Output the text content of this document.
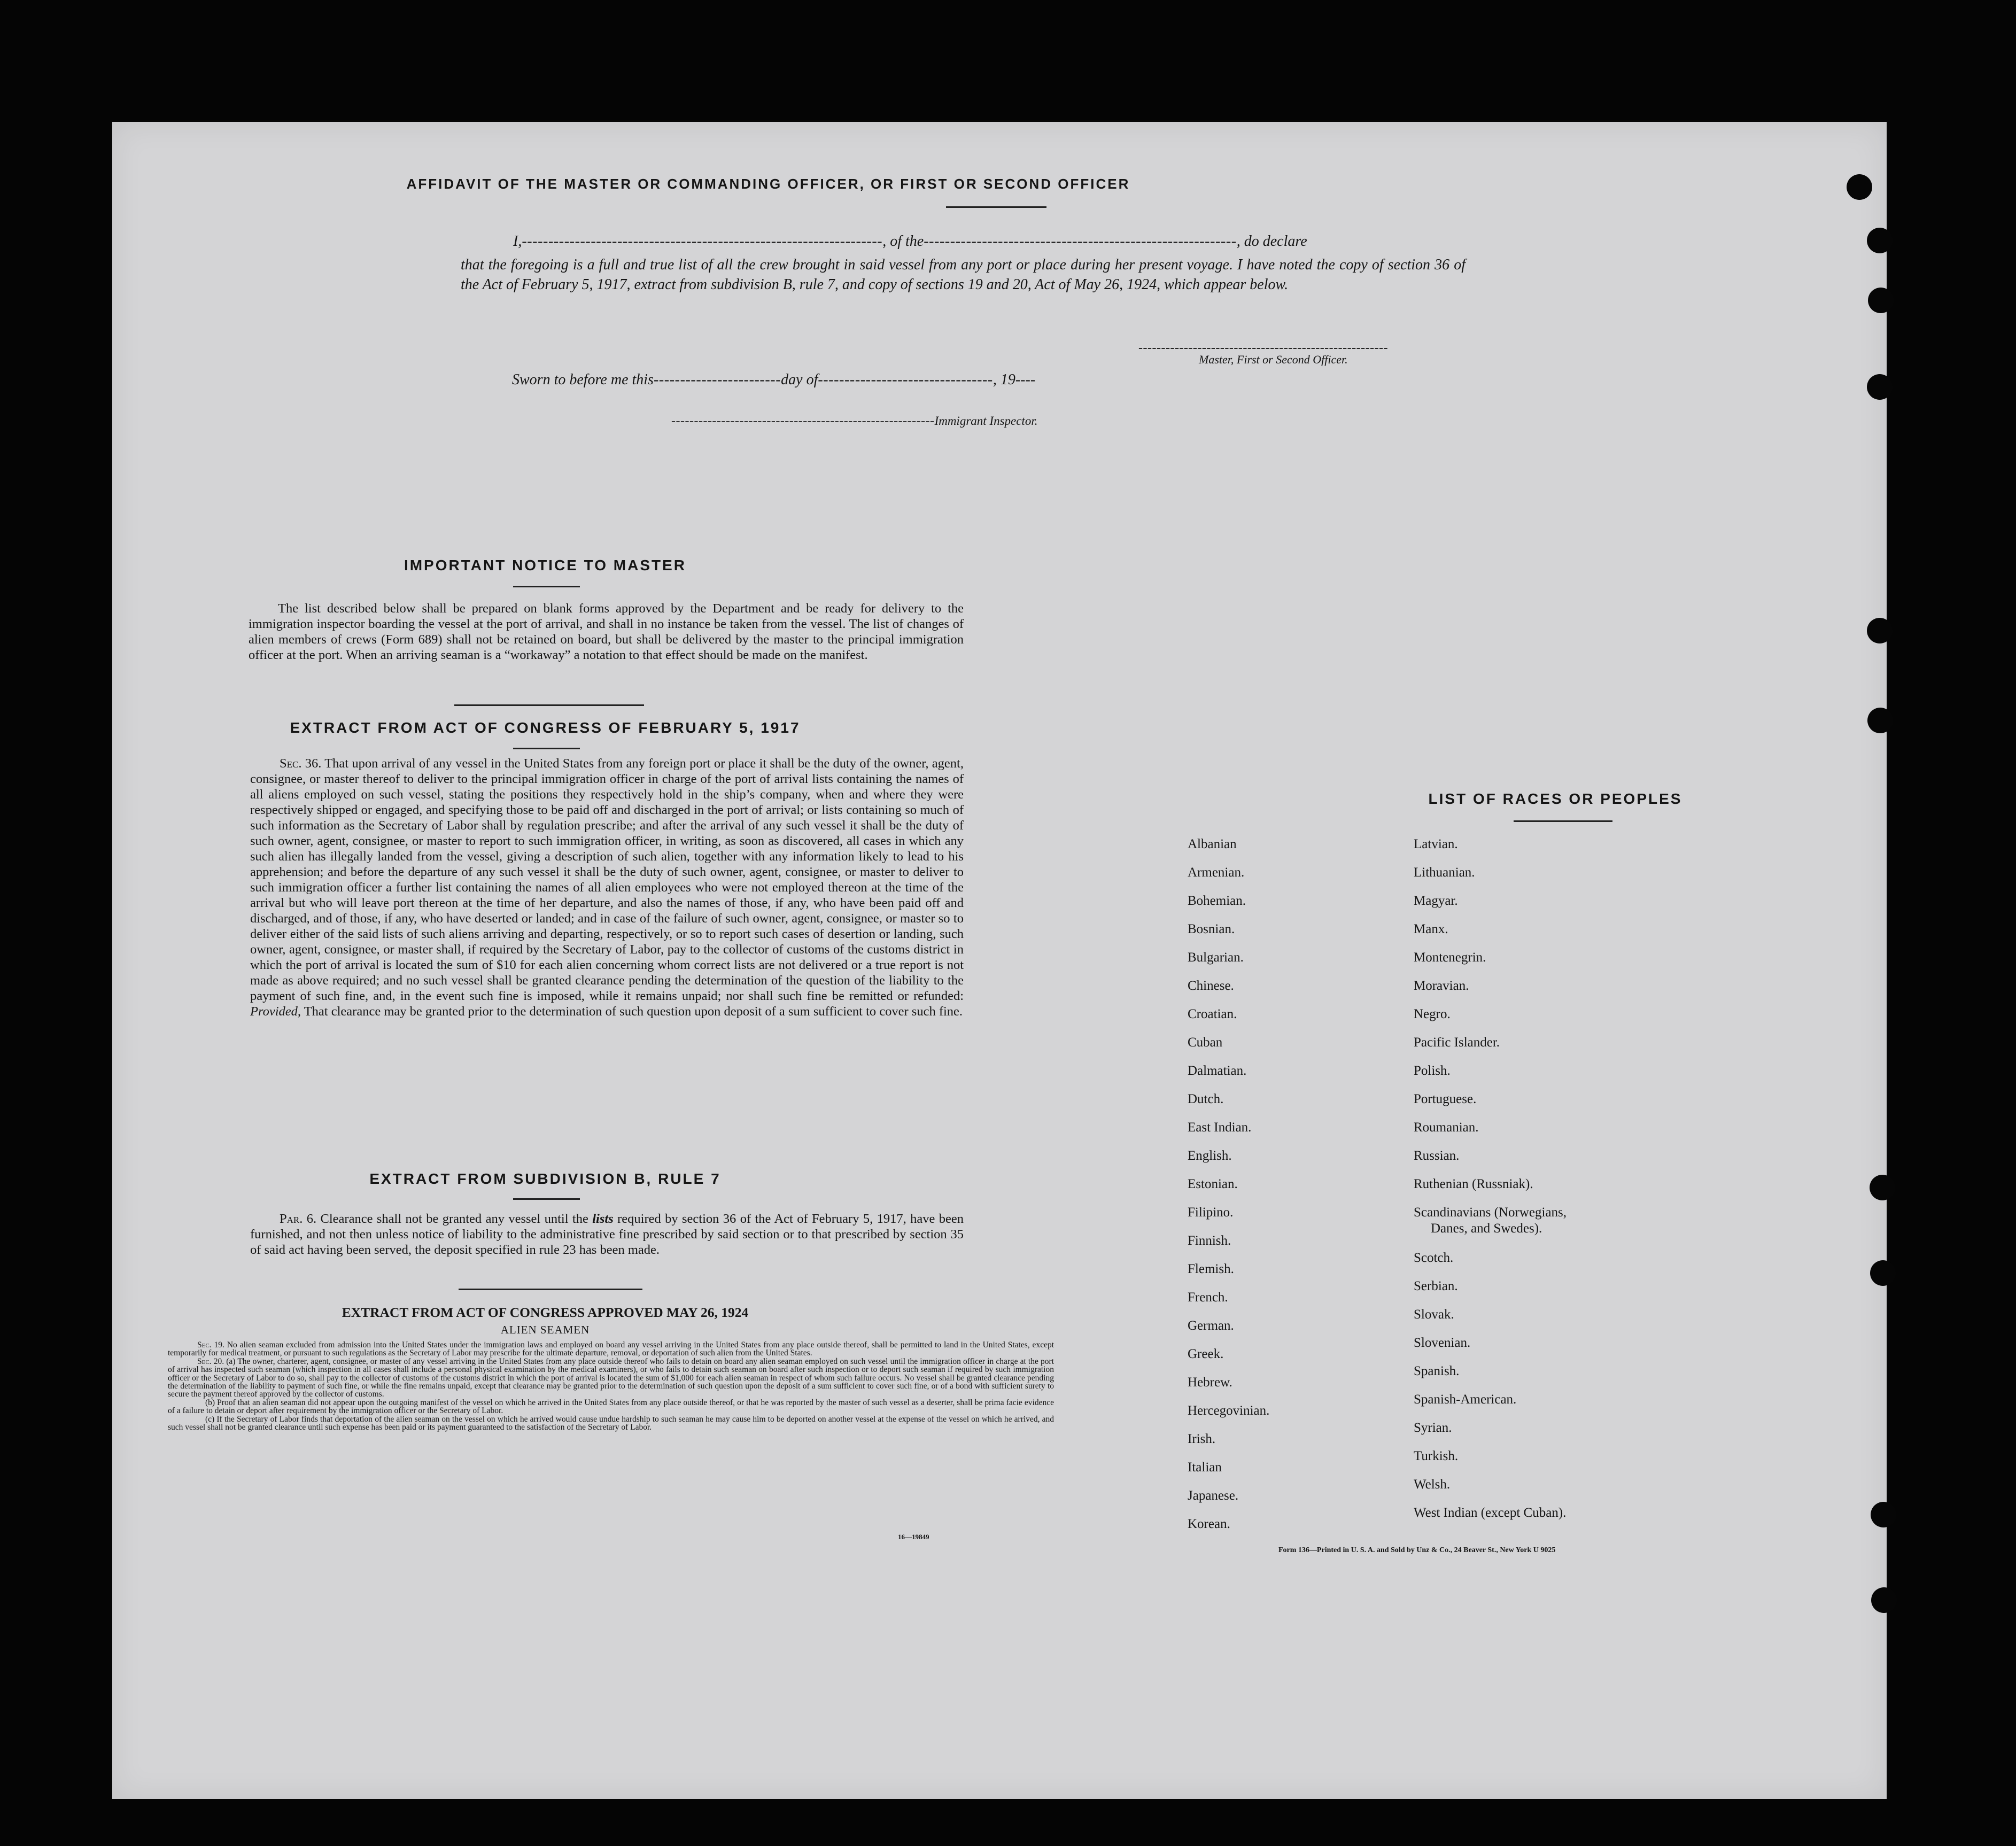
AFFIDAVIT OF THE MASTER OR COMMANDING OFFICER, OR FIRST OR SECOND OFFICER
I,--------------------------------------------------------------------, of the-----------------------------------------------------------, do declare
that the foregoing is a full and true list of all the crew brought in said vessel from any port or place during her present voyage. I have noted the copy of section 36 of the Act of February 5, 1917, extract from subdivision B, rule 7, and copy of sections 19 and 20, Act of May 26, 1924, which appear below.
-------------------------------------------------------
Master, First or Second Officer.
Sworn to before me this------------------------day of---------------------------------, 19----
----------------------------------------------------------Immigrant Inspector.
IMPORTANT NOTICE TO MASTER
The list described below shall be prepared on blank forms approved by the Department and be ready for delivery to the immigration inspector boarding the vessel at the port of arrival, and shall in no instance be taken from the vessel. The list of changes of alien members of crews (Form 689) shall not be retained on board, but shall be delivered by the master to the principal immigration officer at the port. When an arriving seaman is a “workaway” a notation to that effect should be made on the manifest.
EXTRACT FROM ACT OF CONGRESS OF FEBRUARY 5, 1917
Sec. 36. That upon arrival of any vessel in the United States from any foreign port or place it shall be the duty of the owner, agent, consignee, or master thereof to deliver to the principal immigration officer in charge of the port of arrival lists containing the names of all aliens employed on such vessel, stating the positions they respectively hold in the ship’s company, when and where they were respectively shipped or engaged, and specifying those to be paid off and discharged in the port of arrival; or lists containing so much of such information as the Secretary of Labor shall by regulation prescribe; and after the arrival of any such vessel it shall be the duty of such owner, agent, consignee, or master to report to such immigration officer, in writing, as soon as discovered, all cases in which any such alien has illegally landed from the vessel, giving a description of such alien, together with any information likely to lead to his apprehension; and before the departure of any such vessel it shall be the duty of such owner, agent, consignee, or master to deliver to such immigration officer a further list containing the names of all alien employees who were not employed thereon at the time of the arrival but who will leave port thereon at the time of her departure, and also the names of those, if any, who have been paid off and discharged, and of those, if any, who have deserted or landed; and in case of the failure of such owner, agent, consignee, or master so to deliver either of the said lists of such aliens arriving and departing, respectively, or so to report such cases of desertion or landing, such owner, agent, consignee, or master shall, if required by the Secretary of Labor, pay to the collector of customs of the customs district in which the port of arrival is located the sum of $10 for each alien concerning whom correct lists are not delivered or a true report is not made as above required; and no such vessel shall be granted clearance pending the determination of the question of the liability to the payment of such fine, and, in the event such fine is imposed, while it remains unpaid; nor shall such fine be remitted or refunded: Provided, That clearance may be granted prior to the determination of such question upon deposit of a sum sufficient to cover such fine.
EXTRACT FROM SUBDIVISION B, RULE 7
Par. 6. Clearance shall not be granted any vessel until the lists required by section 36 of the Act of February 5, 1917, have been furnished, and not then unless notice of liability to the administrative fine prescribed by said section or to that prescribed by section 35 of said act having been served, the deposit specified in rule 23 has been made.
EXTRACT FROM ACT OF CONGRESS APPROVED MAY 26, 1924
ALIEN SEAMEN
Sec. 19. No alien seaman excluded from admission into the United States under the immigration laws and employed on board any vessel arriving in the United States from any place outside thereof, shall be permitted to land in the United States, except temporarily for medical treatment, or pursuant to such regulations as the Secretary of Labor may prescribe for the ultimate departure, removal, or deportation of such alien from the United States.
Sec. 20. (a) The owner, charterer, agent, consignee, or master of any vessel arriving in the United States from any place outside thereof who fails to detain on board any alien seaman employed on such vessel until the immigration officer in charge at the port of arrival has inspected such seaman (which inspection in all cases shall include a personal physical examination by the medical examiners), or who fails to detain such seaman on board after such inspection or to deport such seaman if required by such immigration officer or the Secretary of Labor to do so, shall pay to the collector of customs of the customs district in which the port of arrival is located the sum of $1,000 for each alien seaman in respect of whom such failure occurs. No vessel shall be granted clearance pending the determination of the liability to payment of such fine, or while the fine remains unpaid, except that clearance may be granted prior to the determination of such question upon the deposit of a sum sufficient to cover such fine, or of a bond with sufficient surety to secure the payment thereof approved by the collector of customs.
(b) Proof that an alien seaman did not appear upon the outgoing manifest of the vessel on which he arrived in the United States from any place outside thereof, or that he was reported by the master of such vessel as a deserter, shall be prima facie evidence of a failure to detain or deport after requirement by the immigration officer or the Secretary of Labor.
(c) If the Secretary of Labor finds that deportation of the alien seaman on the vessel on which he arrived would cause undue hardship to such seaman he may cause him to be deported on another vessel at the expense of the vessel on which he arrived, and such vessel shall not be granted clearance until such expense has been paid or its payment guaranteed to the satisfaction of the Secretary of Labor.
16—19849
LIST OF RACES OR PEOPLES
Form 136—Printed in U. S. A. and Sold by Unz & Co., 24 Beaver St., New York U 9025
Albanian
Armenian.
Bohemian.
Bosnian.
Bulgarian.
Chinese.
Croatian.
Cuban
Dalmatian.
Dutch.
East Indian.
English.
Estonian.
Filipino.
Finnish.
Flemish.
French.
German.
Greek.
Hebrew.
Hercegovinian.
Irish.
Italian
Japanese.
Korean.
Latvian.
Lithuanian.
Magyar.
Manx.
Montenegrin.
Moravian.
Negro.
Pacific Islander.
Polish.
Portuguese.
Roumanian.
Russian.
Ruthenian (Russniak).
Scandinavians (Norwegians,
Danes, and Swedes).
Scotch.
Serbian.
Slovak.
Slovenian.
Spanish.
Spanish-American.
Syrian.
Turkish.
Welsh.
West Indian (except Cuban).
